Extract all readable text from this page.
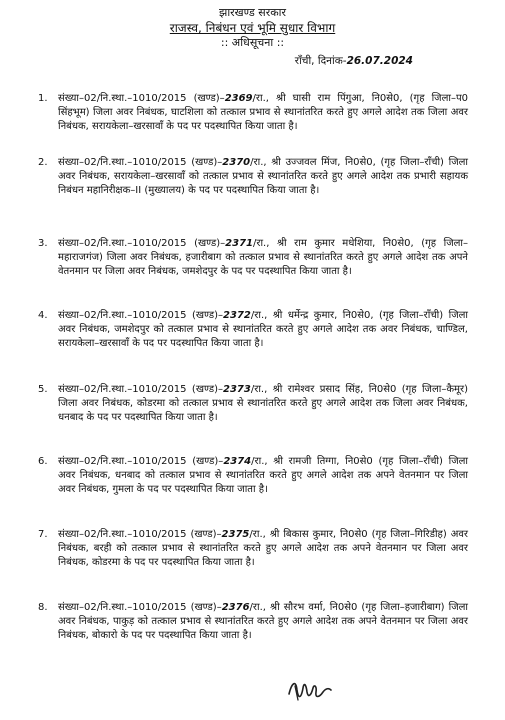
झारखण्ड सरकार
राजस्व, निबंधन एवं भूमि सुधार विभाग
:: अधिसूचना ::
राँची, दिनांक-26.07.2024
1. संख्या–02/नि.स्था.–1010/2015 (खण्ड)–2369/रा., श्री घासी राम पिंगुआ, नि0से0, (गृह जिला–प0 सिंहभूम) जिला अवर निबंधक, घाटशिला को तत्काल प्रभाव से स्थानांतरित करते हुए अगले आदेश तक जिला अवर निबंधक, सरायकेला–खरसावाँ के पद पर पदस्थापित किया जाता है।
2. संख्या–02/नि.स्था.–1010/2015 (खण्ड)–2370/रा., श्री उज्जवल मिंज, नि0से0, (गृह जिला–राँची) जिला अवर निबंधक, सरायकेला–खरसावाँ को तत्काल प्रभाव से स्थानांतरित करते हुए अगले आदेश तक प्रभारी सहायक निबंधन महानिरीक्षक–II (मुख्यालय) के पद पर पदस्थापित किया जाता है।
3. संख्या–02/नि.स्था.–1010/2015 (खण्ड)–2371/रा., श्री राम कुमार मधेशिया, नि0से0, (गृह जिला–महाराजगंज) जिला अवर निबंधक, हजारीबाग को तत्काल प्रभाव से स्थानांतरित करते हुए अगले आदेश तक अपने वेतनमान पर जिला अवर निबंधक, जमशेदपुर के पद पर पदस्थापित किया जाता है।
4. संख्या–02/नि.स्था.–1010/2015 (खण्ड)–2372/रा., श्री धर्मेन्द्र कुमार, नि0से0, (गृह जिला–राँची) जिला अवर निबंधक, जमशेदपुर को तत्काल प्रभाव से स्थानांतरित करते हुए अगले आदेश तक अवर निबंधक, चाण्डिल, सरायकेला–खरसावाँ के पद पर पदस्थापित किया जाता है।
5. संख्या–02/नि.स्था.–1010/2015 (खण्ड)–2373/रा., श्री रामेश्वर प्रसाद सिंह, नि0से0 (गृह जिला–कैमूर) जिला अवर निबंधक, कोडरमा को तत्काल प्रभाव से स्थानांतरित करते हुए अगले आदेश तक जिला अवर निबंधक, धनबाद के पद पर पदस्थापित किया जाता है।
6. संख्या–02/नि.स्था.–1010/2015 (खण्ड)–2374/रा., श्री रामजी तिग्गा, नि0से0 (गृह जिला–राँची) जिला अवर निबंधक, धनबाद को तत्काल प्रभाव से स्थानांतरित करते हुए अगले आदेश तक अपने वेतनमान पर जिला अवर निबंधक, गुमला के पद पर पदस्थापित किया जाता है।
7. संख्या–02/नि.स्था.–1010/2015 (खण्ड)–2375/रा., श्री बिकास कुमार, नि0से0 (गृह जिला–गिरिडीह) अवर निबंधक, बरही को तत्काल प्रभाव से स्थानांतरित करते हुए अगले आदेश तक अपने वेतनमान पर जिला अवर निबंधक, कोडरमा के पद पर पदस्थापित किया जाता है।
8. संख्या–02/नि.स्था.–1010/2015 (खण्ड)–2376/रा., श्री सौरभ वर्मा, नि0से0 (गृह जिला–हजारीबाग) जिला अवर निबंधक, पाकुड़ को तत्काल प्रभाव से स्थानांतरित करते हुए अगले आदेश तक अपने वेतनमान पर जिला अवर निबंधक, बोकारो के पद पर पदस्थापित किया जाता है।
